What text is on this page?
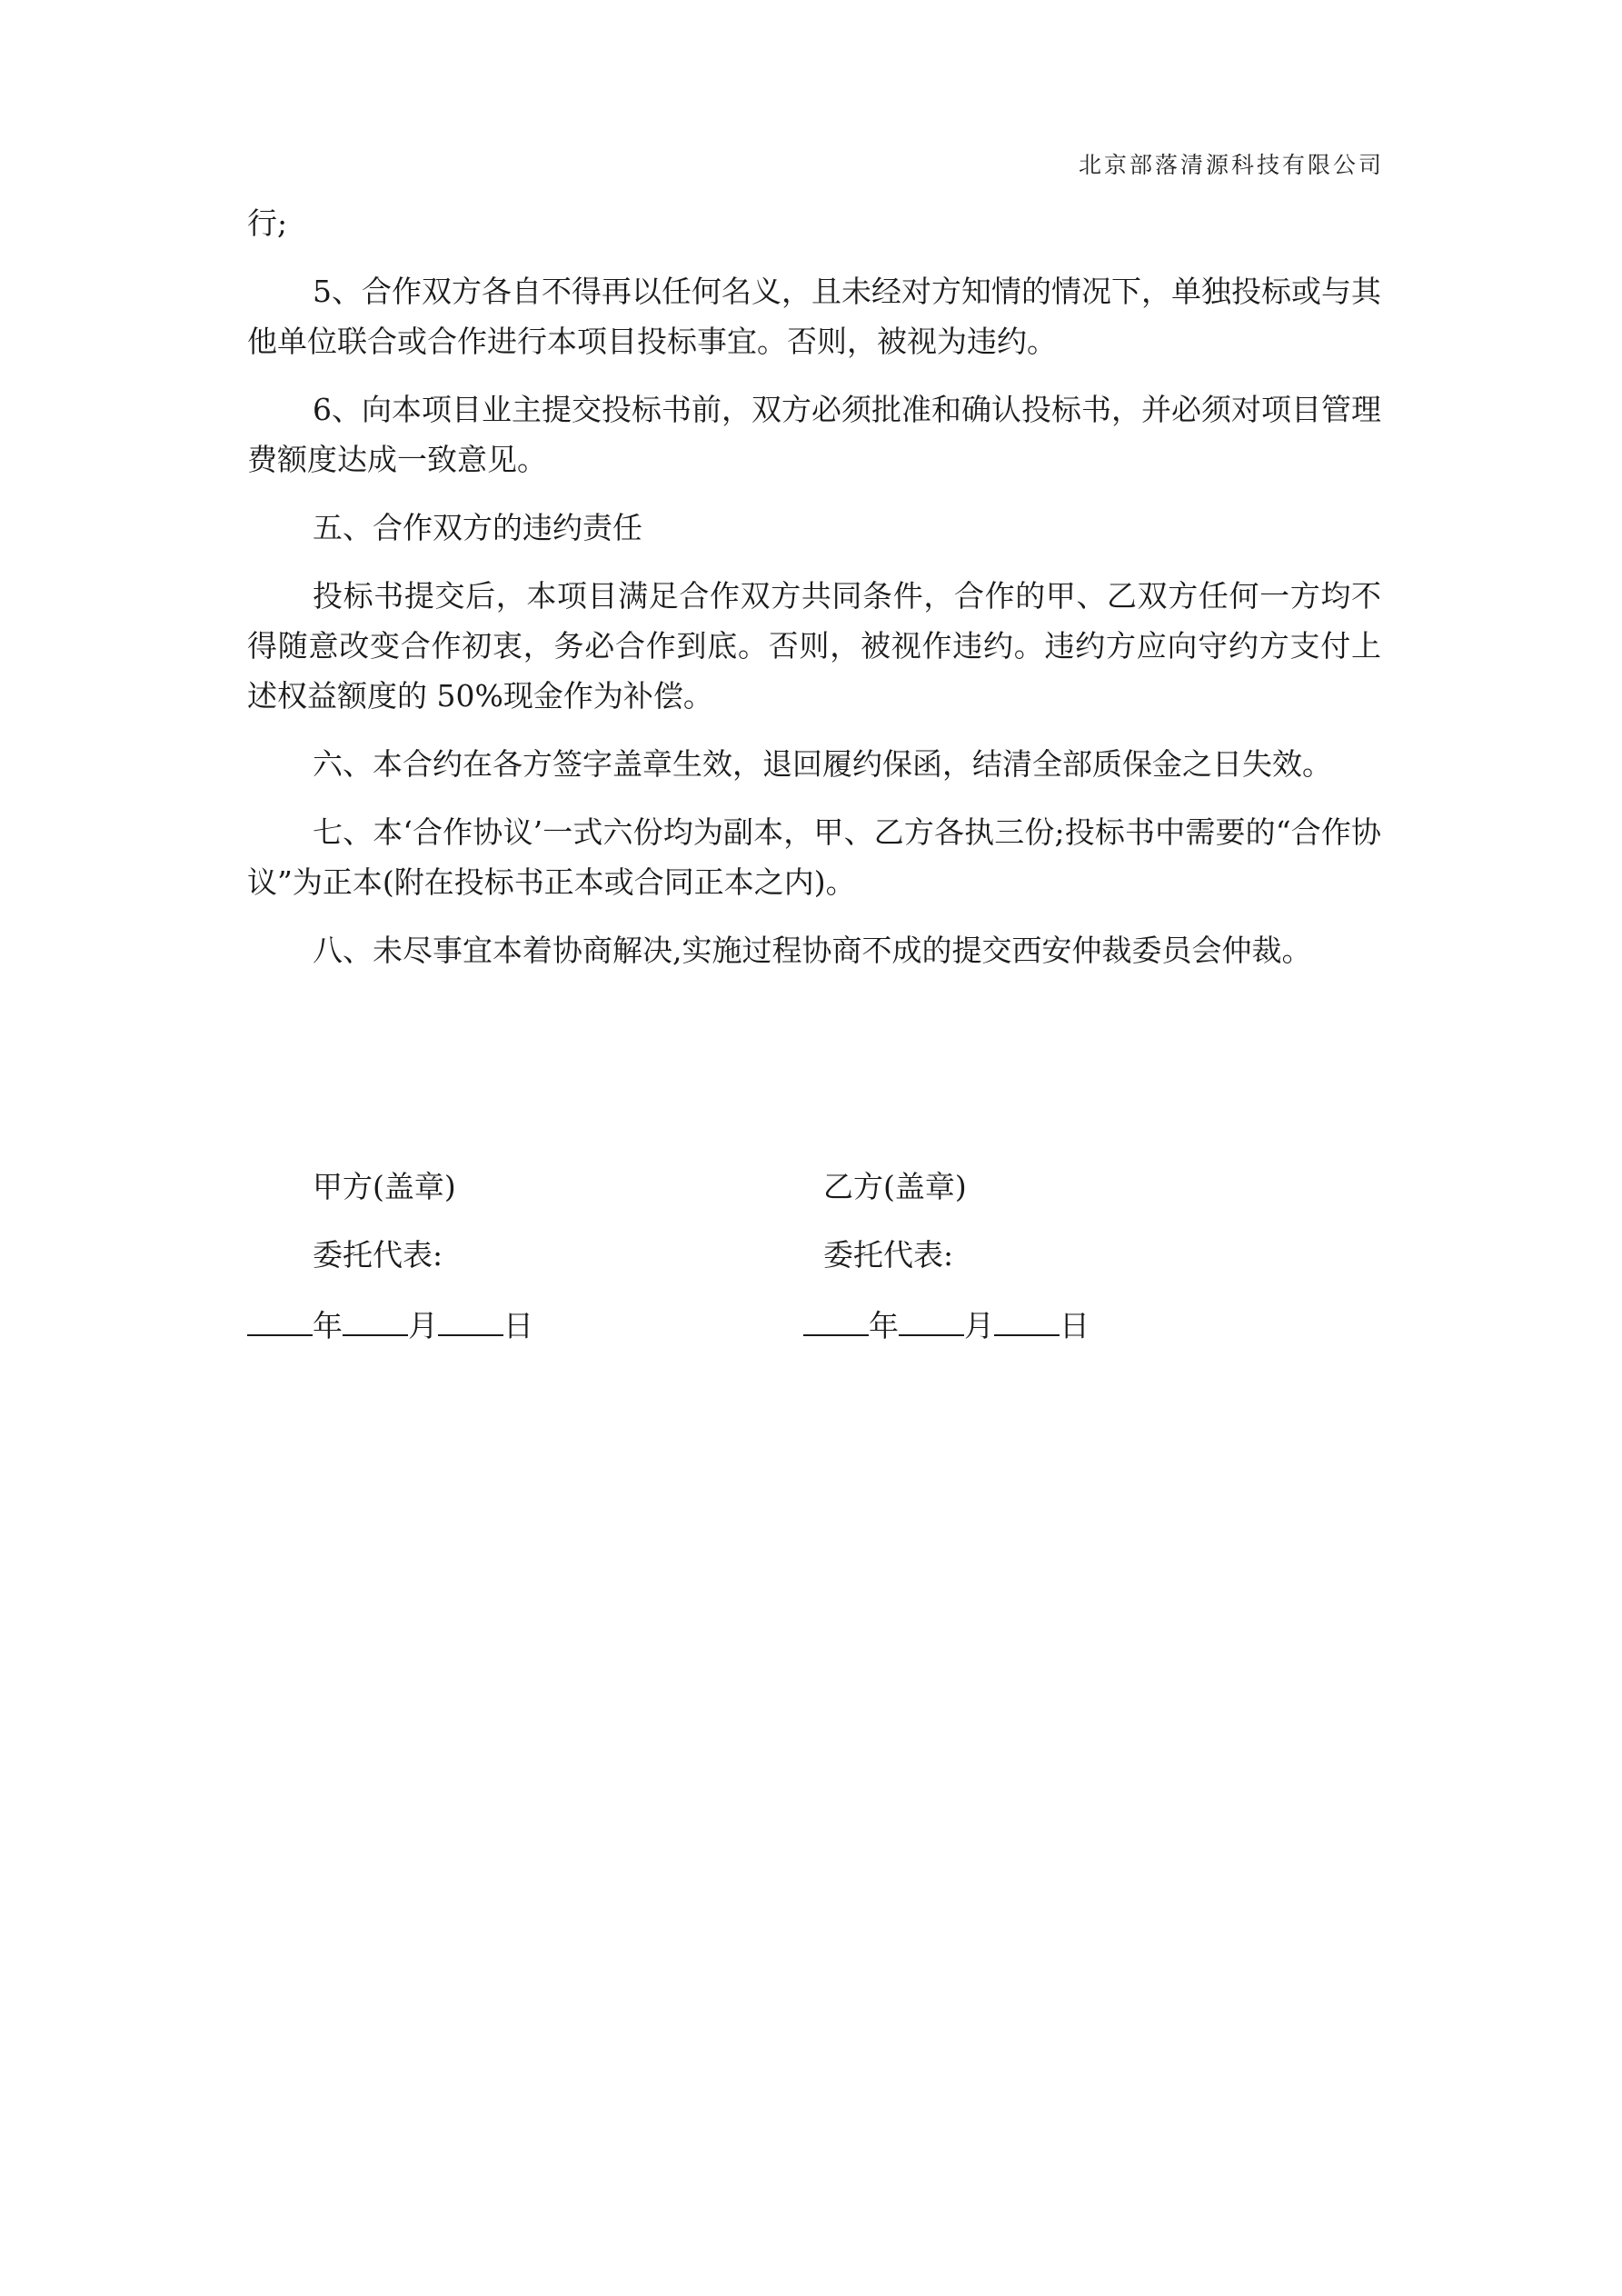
北京部落清源科技有限公司

行;

5、合作双方各自不得再以任何名义，且未经对方知情的情况下，单独投标或与其他单位联合或合作进行本项目投标事宜。否则，被视为违约。

6、向本项目业主提交投标书前，双方必须批准和确认投标书，并必须对项目管理费额度达成一致意见。

五、合作双方的违约责任

投标书提交后，本项目满足合作双方共同条件，合作的甲、乙双方任何一方均不得随意改变合作初衷，务必合作到底。否则，被视作违约。违约方应向守约方支付上述权益额度的 50%现金作为补偿。

六、本合约在各方签字盖章生效，退回履约保函，结清全部质保金之日失效。

七、本‘合作协议’一式六份均为副本，甲、乙方各执三份;投标书中需要的“合作协议”为正本(附在投标书正本或合同正本之内)。

八、未尽事宜本着协商解决,实施过程协商不成的提交西安仲裁委员会仲裁。

甲方(盖章)	乙方(盖章)
委托代表:	委托代表:
年 月 日	年 月 日
